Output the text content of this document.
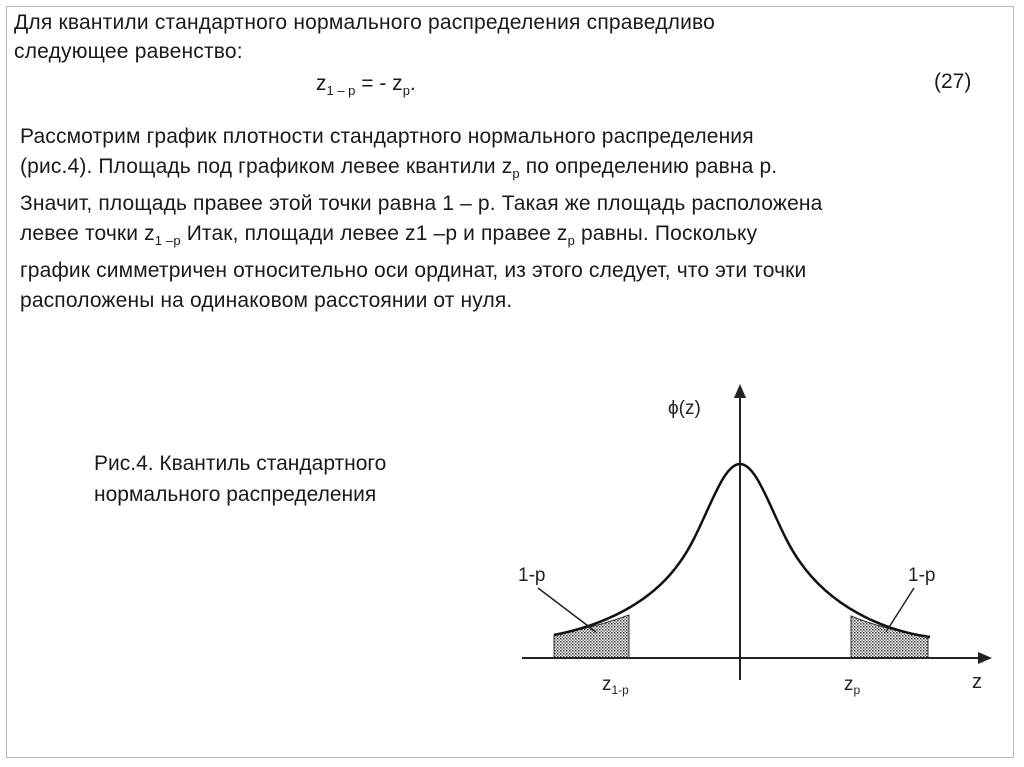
Для квантили стандартного нормального распределения справедливо
следующее равенство:
$z_{1 - p}$ = - $z_p$.	(27)
Рассмотрим график плотности стандартного нормального распределения
(рис.4). Площадь под графиком левее квантили $z_p$ по определению равна p.
Значит, площадь правее этой точки равна 1 – p. Такая же площадь расположена
левее точки $z_{1 -p}$ Итак, площади левее z1 –p и правее $z_p$ равны. Поскольку
график симметричен относительно оси ординат, из этого следует, что эти точки
расположены на одинаковом расстоянии от нуля.
Рис.4. Квантиль стандартного
нормального распределения
ϕ(z)
z
1-p	1-p
$z_{1-p}$	$z_p$
